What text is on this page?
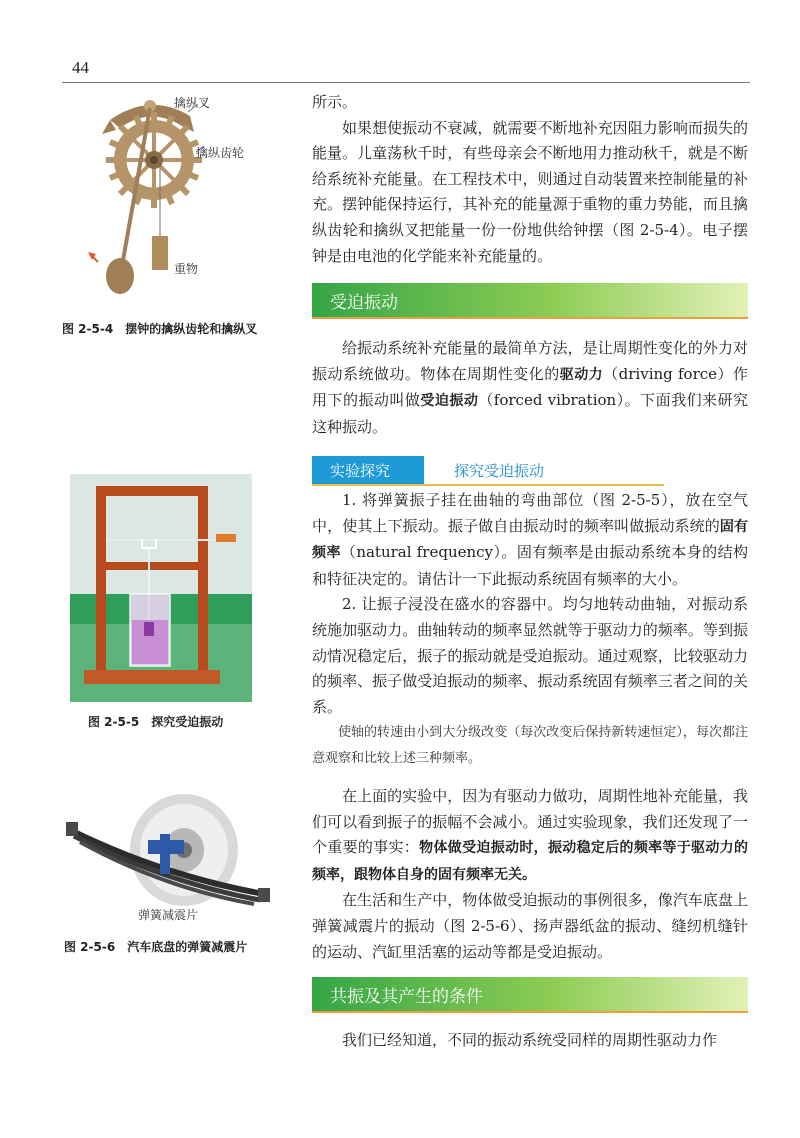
44
擒纵叉
擒纵齿轮
重物
图 2-5-4　摆钟的擒纵齿轮和擒纵叉
图 2-5-5　探究受迫振动
弹簧减震片
图 2-5-6　汽车底盘的弹簧减震片

所示。

如果想使振动不衰减，就需要不断地补充因阻力影响而损失的能量。儿童荡秋千时，有些母亲会不断地用力推动秋千，就是不断给系统补充能量。在工程技术中，则通过自动装置来控制能量的补充。摆钟能保持运行，其补充的能量源于重物的重力势能，而且擒纵齿轮和擒纵叉把能量一份一份地供给钟摆（图 2-5-4）。电子摆钟是由电池的化学能来补充能量的。

受迫振动

给振动系统补充能量的最简单方法，是让周期性变化的外力对振动系统做功。物体在周期性变化的驱动力（driving force）作用下的振动叫做受迫振动（forced vibration）。下面我们来研究这种振动。

实验探究	探究受迫振动

1. 将弹簧振子挂在曲轴的弯曲部位（图 2-5-5），放在空气中，使其上下振动。振子做自由振动时的频率叫做振动系统的固有频率（natural frequency）。固有频率是由振动系统本身的结构和特征决定的。请估计一下此振动系统固有频率的大小。

2. 让振子浸没在盛水的容器中。均匀地转动曲轴，对振动系统施加驱动力。曲轴转动的频率显然就等于驱动力的频率。等到振动情况稳定后，振子的振动就是受迫振动。通过观察，比较驱动力的频率、振子做受迫振动的频率、振动系统固有频率三者之间的关系。

使轴的转速由小到大分级改变（每次改变后保持新转速恒定），每次都注意观察和比较上述三种频率。

在上面的实验中，因为有驱动力做功，周期性地补充能量，我们可以看到振子的振幅不会减小。通过实验现象，我们还发现了一个重要的事实：物体做受迫振动时，振动稳定后的频率等于驱动力的频率，跟物体自身的固有频率无关。

在生活和生产中，物体做受迫振动的事例很多，像汽车底盘上弹簧减震片的振动（图 2-5-6）、扬声器纸盆的振动、缝纫机缝针的运动、汽缸里活塞的运动等都是受迫振动。

共振及其产生的条件

我们已经知道，不同的振动系统受同样的周期性驱动力作
